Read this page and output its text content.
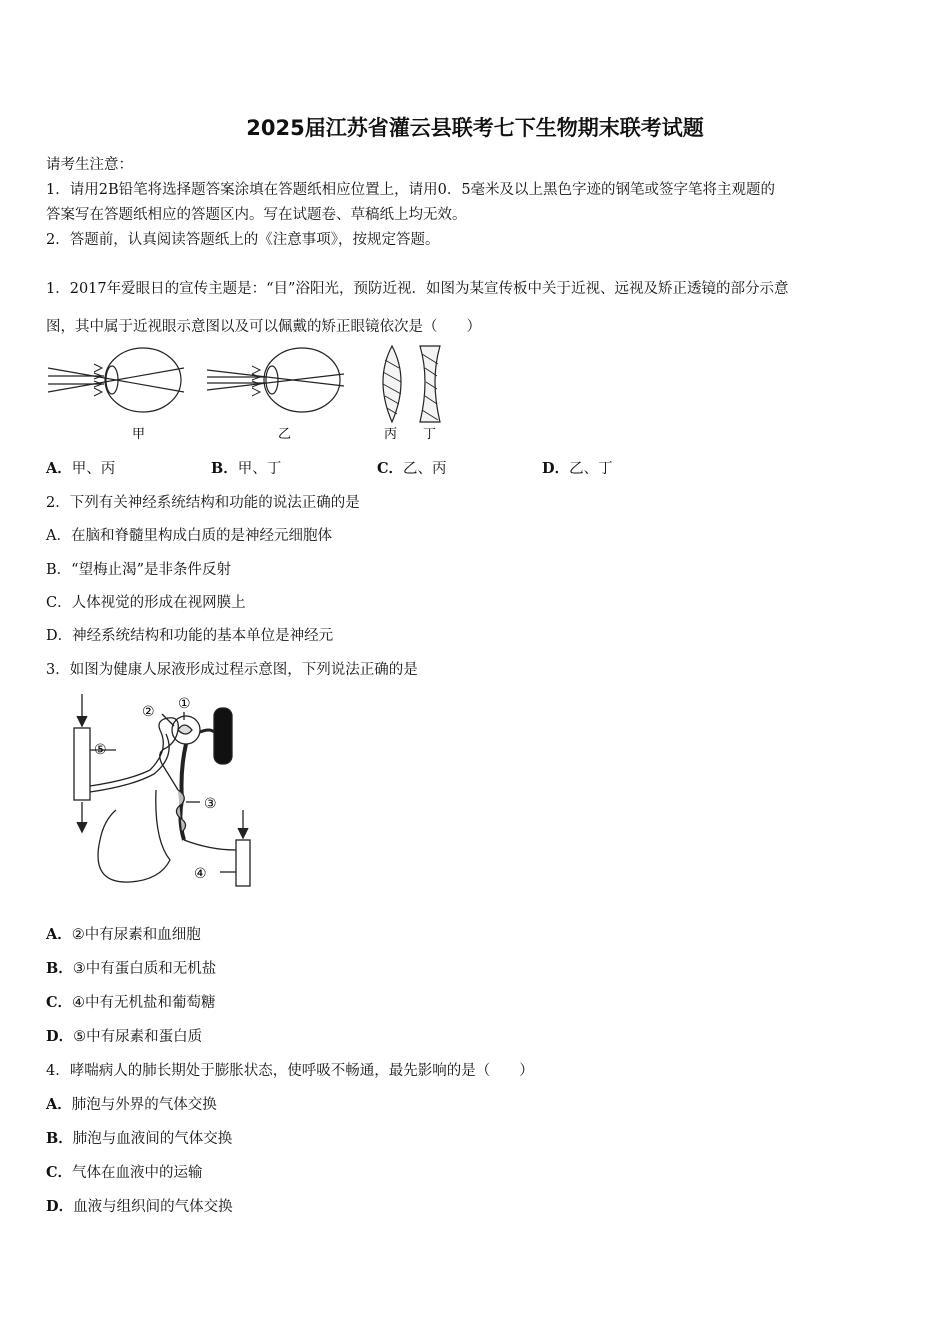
2025届江苏省灌云县联考七下生物期末联考试题
请考生注意：
1．请用2B铅笔将选择题答案涂填在答题纸相应位置上，请用0．5毫米及以上黑色字迹的钢笔或签字笔将主观题的
答案写在答题纸相应的答题区内。写在试题卷、草稿纸上均无效。
2．答题前，认真阅读答题纸上的《注意事项》，按规定答题。
1．2017年爱眼日的宣传主题是：“目”浴阳光，预防近视．如图为某宣传板中关于近视、远视及矫正透镜的部分示意
图，其中属于近视眼示意图以及可以佩戴的矫正眼镜依次是（　　）
甲	乙	丙 丁
A．甲、丙	B．甲、丁	C．乙、丙	D．乙、丁
2．下列有关神经系统结构和功能的说法正确的是
A．在脑和脊髓里构成白质的是神经元细胞体
B．“望梅止渴”是非条件反射
C．人体视觉的形成在视网膜上
D．神经系统结构和功能的基本单位是神经元
3．如图为健康人尿液形成过程示意图，下列说法正确的是
①
②
③
④
⑤
A．②中有尿素和血细胞
B．③中有蛋白质和无机盐
C．④中有无机盐和葡萄糖
D．⑤中有尿素和蛋白质
4．哮喘病人的肺长期处于膨胀状态，使呼吸不畅通，最先影响的是（　　）
A．肺泡与外界的气体交换
B．肺泡与血液间的气体交换
C．气体在血液中的运输
D．血液与组织间的气体交换
